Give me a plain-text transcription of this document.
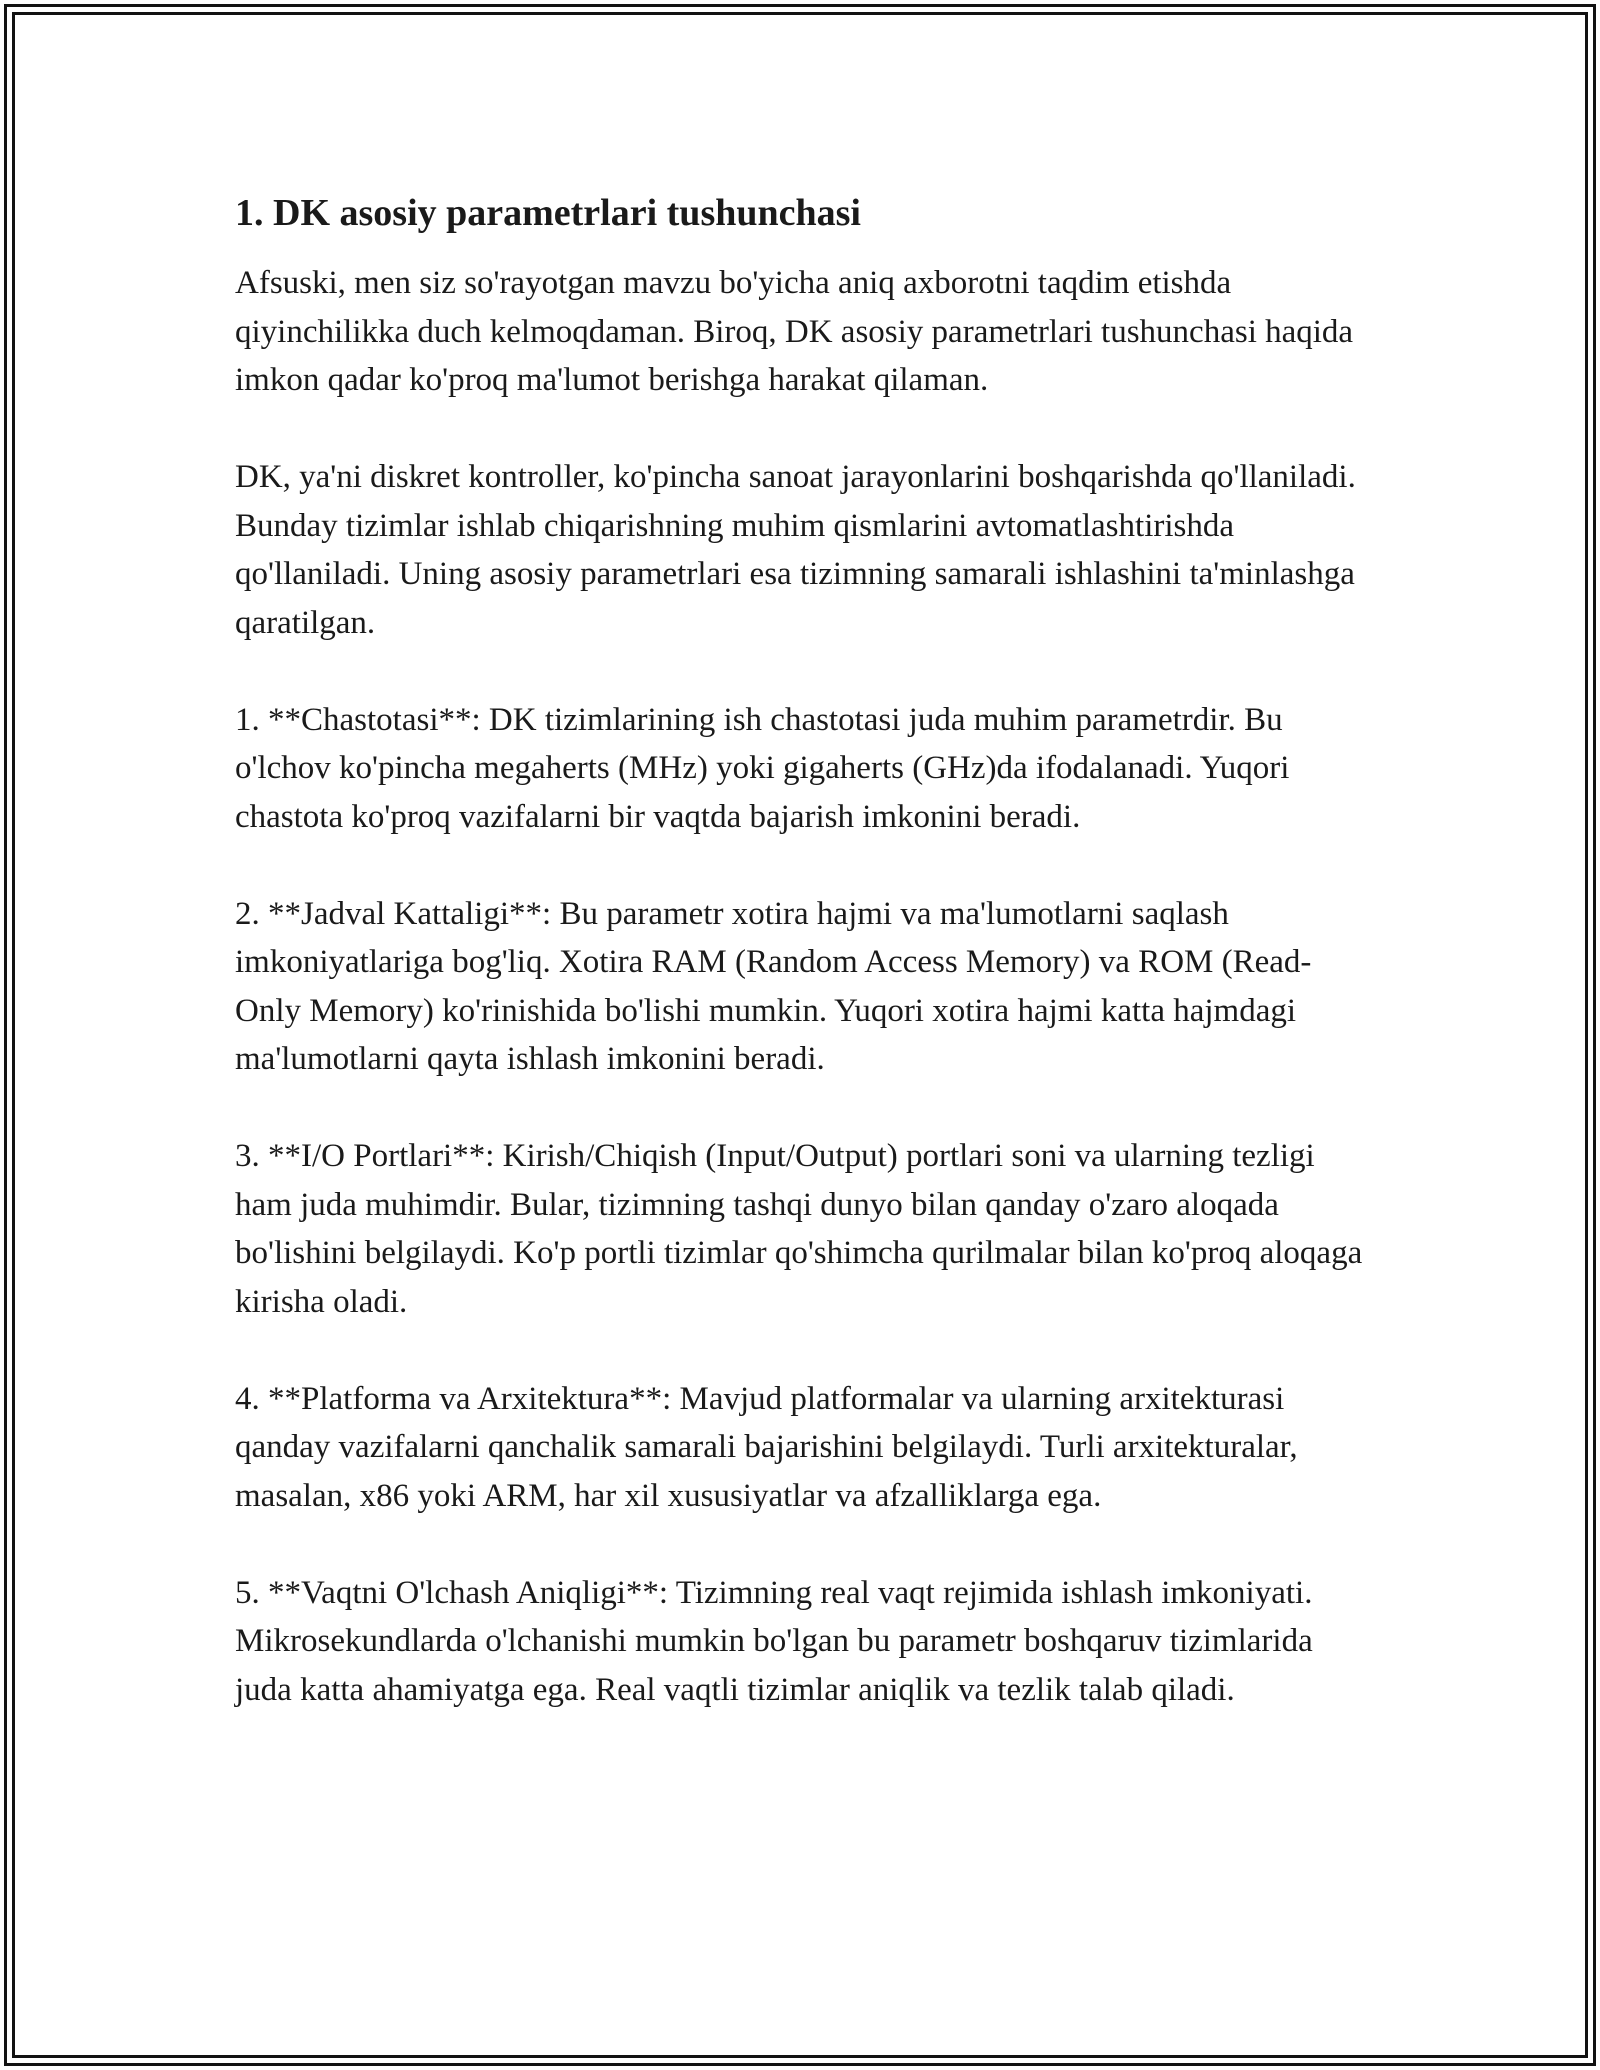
1. DK asosiy parametrlari tushunchasi

Afsuski, men siz so'rayotgan mavzu bo'yicha aniq axborotni taqdim etishda qiyinchilikka duch kelmoqdaman. Biroq, DK asosiy parametrlari tushunchasi haqida imkon qadar ko'proq ma'lumot berishga harakat qilaman.

DK, ya'ni diskret kontroller, ko'pincha sanoat jarayonlarini boshqarishda qo'llaniladi. Bunday tizimlar ishlab chiqarishning muhim qismlarini avtomatlashtirishda qo'llaniladi. Uning asosiy parametrlari esa tizimning samarali ishlashini ta'minlashga qaratilgan.

1. **Chastotasi**: DK tizimlarining ish chastotasi juda muhim parametrdir. Bu o'lchov ko'pincha megaherts (MHz) yoki gigaherts (GHz)da ifodalanadi. Yuqori chastota ko'proq vazifalarni bir vaqtda bajarish imkonini beradi.

2. **Jadval Kattaligi**: Bu parametr xotira hajmi va ma'lumotlarni saqlash imkoniyatlariga bog'liq. Xotira RAM (Random Access Memory) va ROM (Read-Only Memory) ko'rinishida bo'lishi mumkin. Yuqori xotira hajmi katta hajmdagi ma'lumotlarni qayta ishlash imkonini beradi.

3. **I/O Portlari**: Kirish/Chiqish (Input/Output) portlari soni va ularning tezligi ham juda muhimdir. Bular, tizimning tashqi dunyo bilan qanday o'zaro aloqada bo'lishini belgilaydi. Ko'p portli tizimlar qo'shimcha qurilmalar bilan ko'proq aloqaga kirisha oladi.

4. **Platforma va Arxitektura**: Mavjud platformalar va ularning arxitekturasi qanday vazifalarni qanchalik samarali bajarishini belgilaydi. Turli arxitekturalar, masalan, x86 yoki ARM, har xil xususiyatlar va afzalliklarga ega.

5. **Vaqtni O'lchash Aniqligi**: Tizimning real vaqt rejimida ishlash imkoniyati. Mikrosekundlarda o'lchanishi mumkin bo'lgan bu parametr boshqaruv tizimlarida juda katta ahamiyatga ega. Real vaqtli tizimlar aniqlik va tezlik talab qiladi.
